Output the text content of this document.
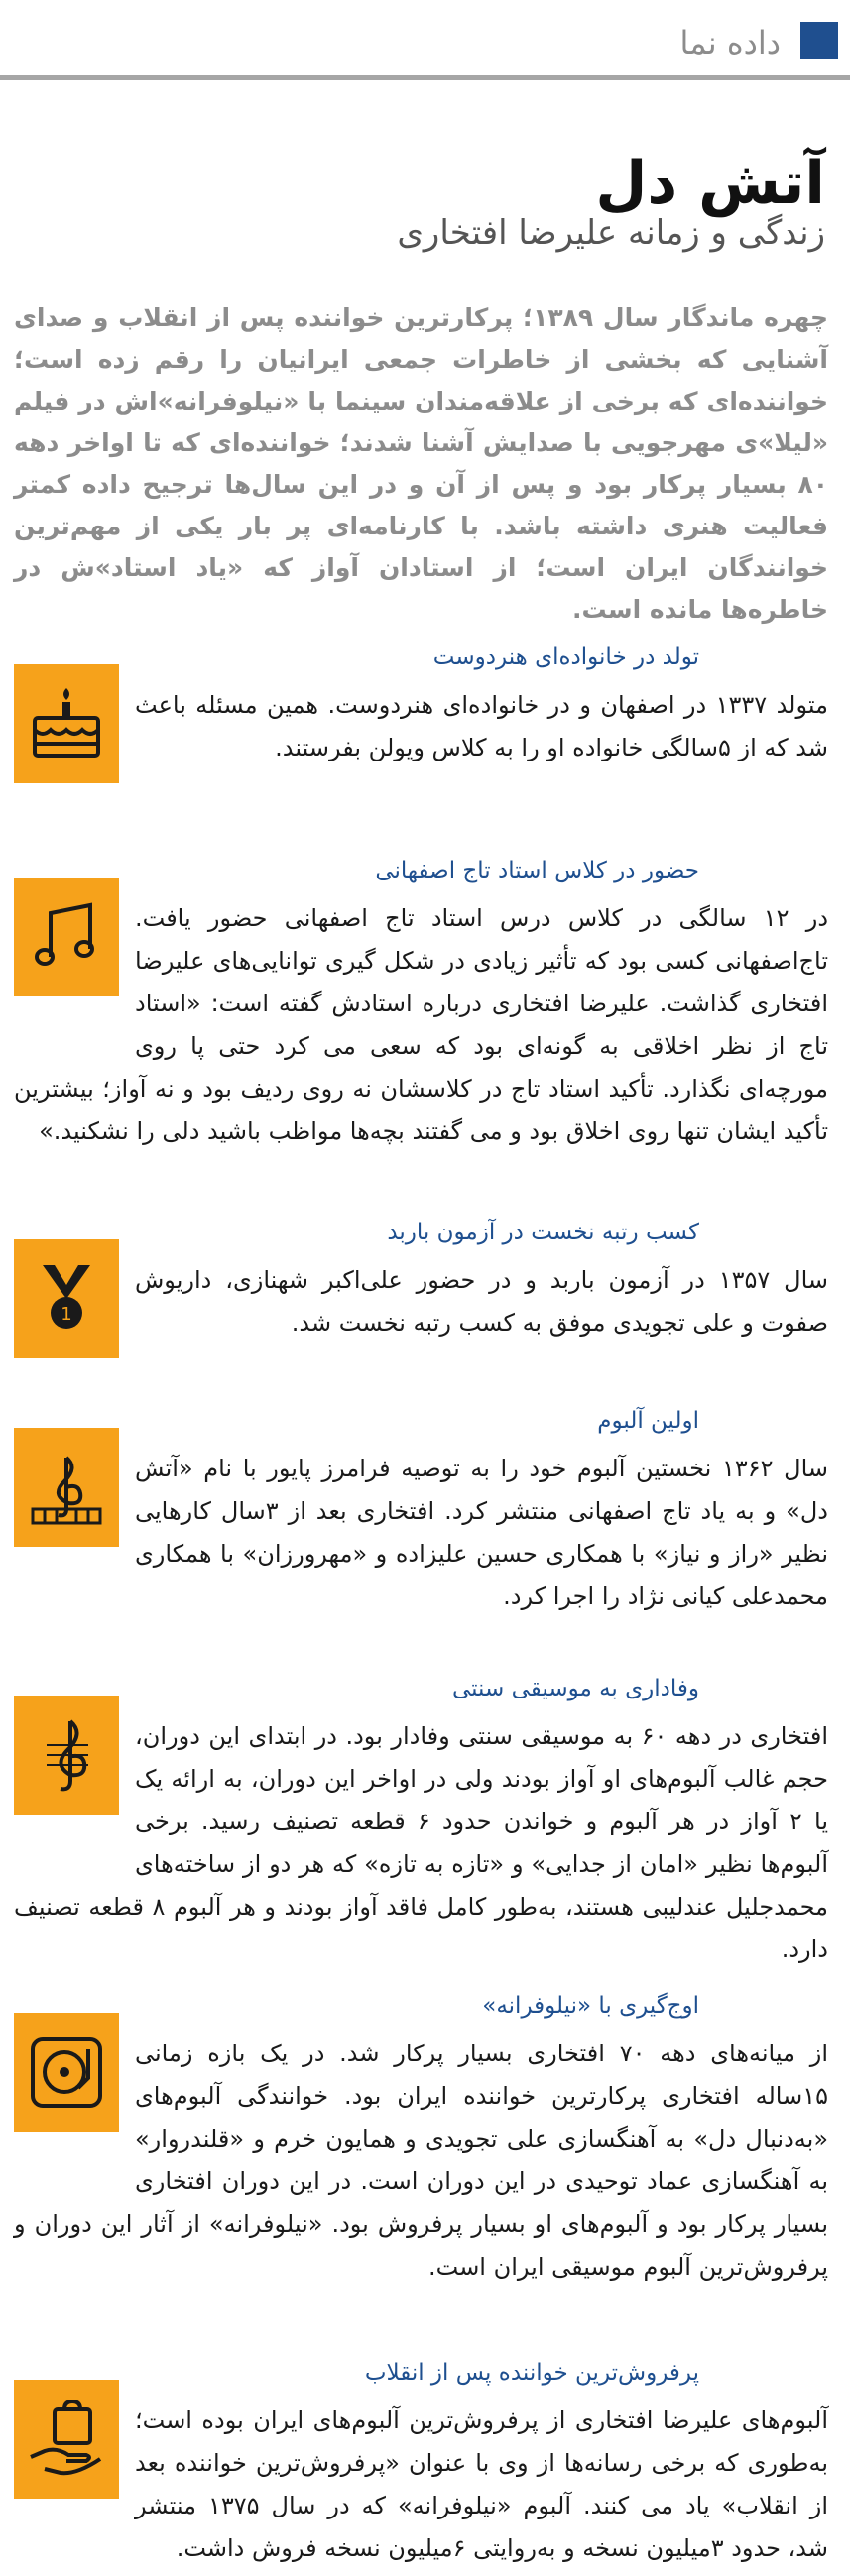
داده نما
آتش دل
زندگی و زمانه علیرضا افتخاری
چهره ماندگار سال ۱۳۸۹؛ پرکارترین خواننده پس از انقلاب و صدای آشنایی که بخشی از خاطرات جمعی ایرانیان را رقم زده است؛ خواننده‌ای که برخی از علاقه‌مندان سینما با «نیلوفرانه»اش در فیلم «لیلا»ی مهرجویی با صدایش آشنا شدند؛ خواننده‌ای که تا اواخر دهه ۸۰ بسیار پرکار بود و پس از آن و در این سال‌ها ترجیح داده کمتر فعالیت هنری داشته باشد. با کارنامه‌ای پر بار یکی از مهم‌ترین خوانندگان ایران است؛ از استادان آواز که «یاد استاد»ش در خاطره‌ها مانده است.
تولد در خانواده‌ای هنردوست
متولد ۱۳۳۷ در اصفهان و در خانواده‌ای هنردوست. همین مسئله باعث شد که از ۵سالگی خانواده او را به کلاس ویولن بفرستند.
حضور در کلاس استاد تاج اصفهانی
در ۱۲ سالگی در کلاس درس استاد تاج اصفهانی حضور یافت. تاج‌اصفهانی کسی بود که تأثیر زیادی در شکل گیری توانایی‌های علیرضا افتخاری گذاشت. علیرضا افتخاری درباره استادش گفته است: «استاد تاج از نظر اخلاقی به گونه‌ای بود که سعی می کرد حتی پا روی مورچه‌ای نگذارد. تأکید استاد تاج در کلاسشان نه روی ردیف بود و نه آواز؛ بیشترین تأکید ایشان تنها روی اخلاق بود و می گفتند بچه‌ها مواظب باشید دلی را نشکنید.»
کسب رتبه نخست در آزمون باربد
1
سال ۱۳۵۷ در آزمون باربد و در حضور علی‌اکبر شهنازی، داریوش صفوت و علی تجویدی موفق به کسب رتبه نخست شد.
اولین آلبوم
سال ۱۳۶۲ نخستین آلبوم خود را به توصیه فرامرز پایور با نام «آتش دل» و به یاد تاج اصفهانی منتشر کرد. افتخاری بعد از ۳سال کارهایی نظیر «راز و نیاز» با همکاری حسین علیزاده و «مهرورزان» با همکاری محمدعلی کیانی نژاد را اجرا کرد.
وفاداری به موسیقی سنتی
افتخاری در دهه ۶۰ به موسیقی سنتی وفادار بود. در ابتدای این دوران، حجم غالب آلبوم‌های او آواز بودند ولی در اواخر این دوران، به ارائه یک یا ۲ آواز در هر آلبوم و خواندن حدود ۶ قطعه تصنیف رسید. برخی آلبوم‌ها نظیر «امان از جدایی» و «تازه به تازه» که هر دو از ساخته‌های محمدجلیل عندلیبی هستند، به‌طور کامل فاقد آواز بودند و هر آلبوم ۸ قطعه تصنیف دارد.
اوج‌گیری با «نیلوفرانه»
از میانه‌های دهه ۷۰ افتخاری بسیار پرکار شد. در یک بازه زمانی ۱۵ساله افتخاری پرکارترین خواننده ایران بود. خوانندگی آلبوم‌های «به‌دنبال دل» به آهنگسازی علی تجویدی و همایون خرم و «قلندروار» به آهنگسازی عماد توحیدی در این دوران است. در این دوران افتخاری بسیار پرکار بود و آلبوم‌های او بسیار پرفروش بود. «نیلوفرانه» از آثار این دوران و پرفروش‌ترین آلبوم موسیقی ایران است.
پرفروش‌ترین خواننده پس از انقلاب
آلبوم‌های علیرضا افتخاری از پرفروش‌ترین آلبوم‌های ایران بوده است؛ به‌طوری که برخی رسانه‌ها از وی با عنوان «پرفروش‌ترین خواننده بعد از انقلاب» یاد می کنند. آلبوم «نیلوفرانه» که در سال ۱۳۷۵ منتشر شد، حدود ۳میلیون نسخه و به‌روایتی ۶میلیون نسخه فروش داشت.
